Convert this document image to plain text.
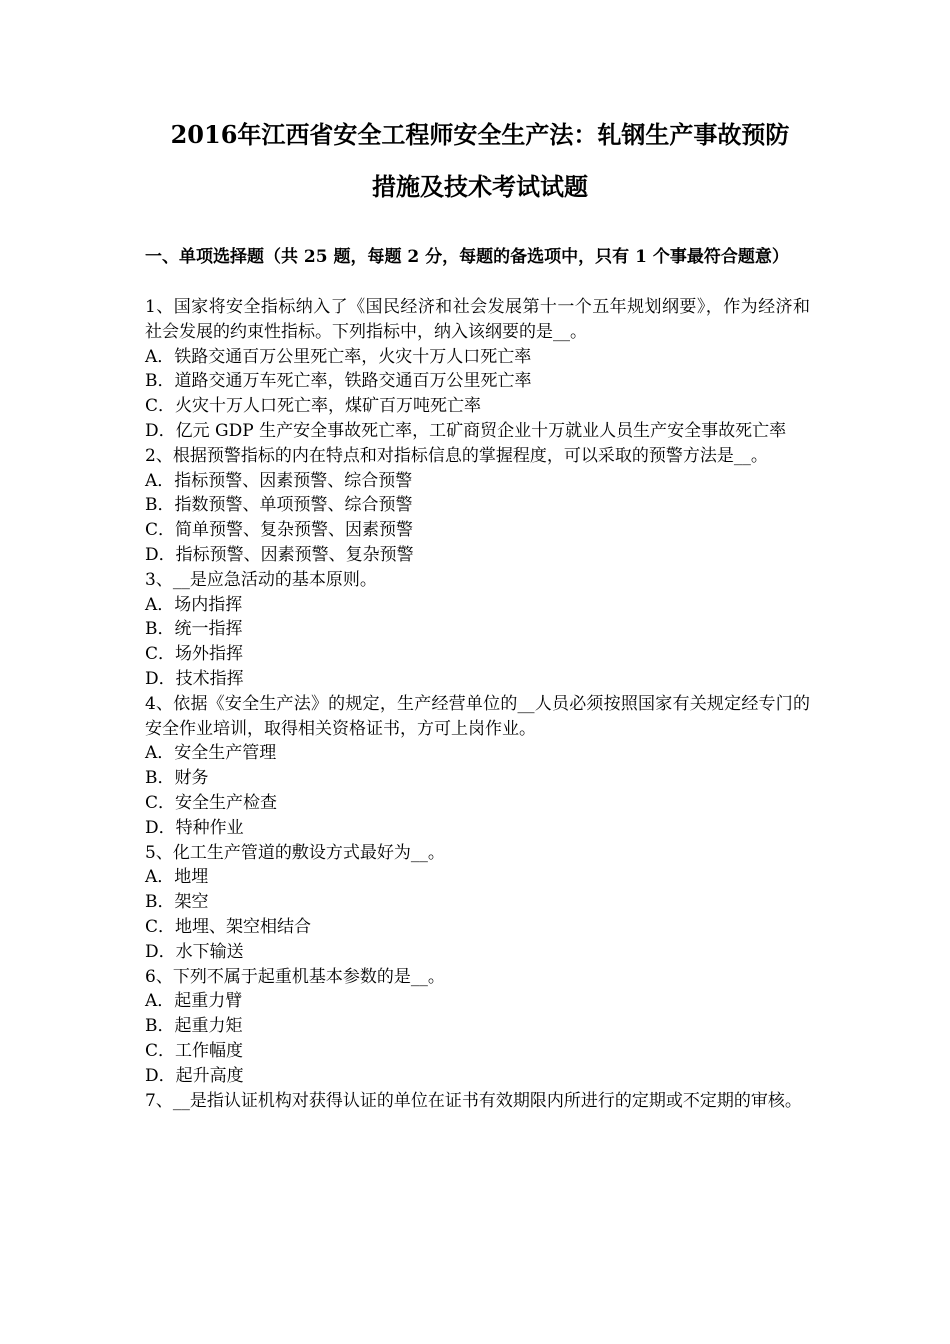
2016年江西省安全工程师安全生产法：轧钢生产事故预防
措施及技术考试试题
一、单项选择题（共 25 题，每题 2 分，每题的备选项中，只有 1 个事最符合题意）

1、国家将安全指标纳入了《国民经济和社会发展第十一个五年规划纲要》，作为经济和社会发展的约束性指标。下列指标中，纳入该纲要的是__。

A．铁路交通百万公里死亡率，火灾十万人口死亡率

B．道路交通万车死亡率，铁路交通百万公里死亡率

C．火灾十万人口死亡率，煤矿百万吨死亡率

D．亿元 GDP 生产安全事故死亡率，工矿商贸企业十万就业人员生产安全事故死亡率

2、根据预警指标的内在特点和对指标信息的掌握程度，可以采取的预警方法是__。

A．指标预警、因素预警、综合预警

B．指数预警、单项预警、综合预警

C．简单预警、复杂预警、因素预警

D．指标预警、因素预警、复杂预警

3、__是应急活动的基本原则。

A．场内指挥

B．统一指挥

C．场外指挥

D．技术指挥

4、依据《安全生产法》的规定，生产经营单位的__人员必须按照国家有关规定经专门的安全作业培训，取得相关资格证书，方可上岗作业。

A．安全生产管理

B．财务

C．安全生产检查

D．特种作业

5、化工生产管道的敷设方式最好为__。

A．地埋

B．架空

C．地埋、架空相结合

D．水下输送

6、下列不属于起重机基本参数的是__。

A．起重力臂

B．起重力矩

C．工作幅度

D．起升高度

7、__是指认证机构对获得认证的单位在证书有效期限内所进行的定期或不定期的审核。
